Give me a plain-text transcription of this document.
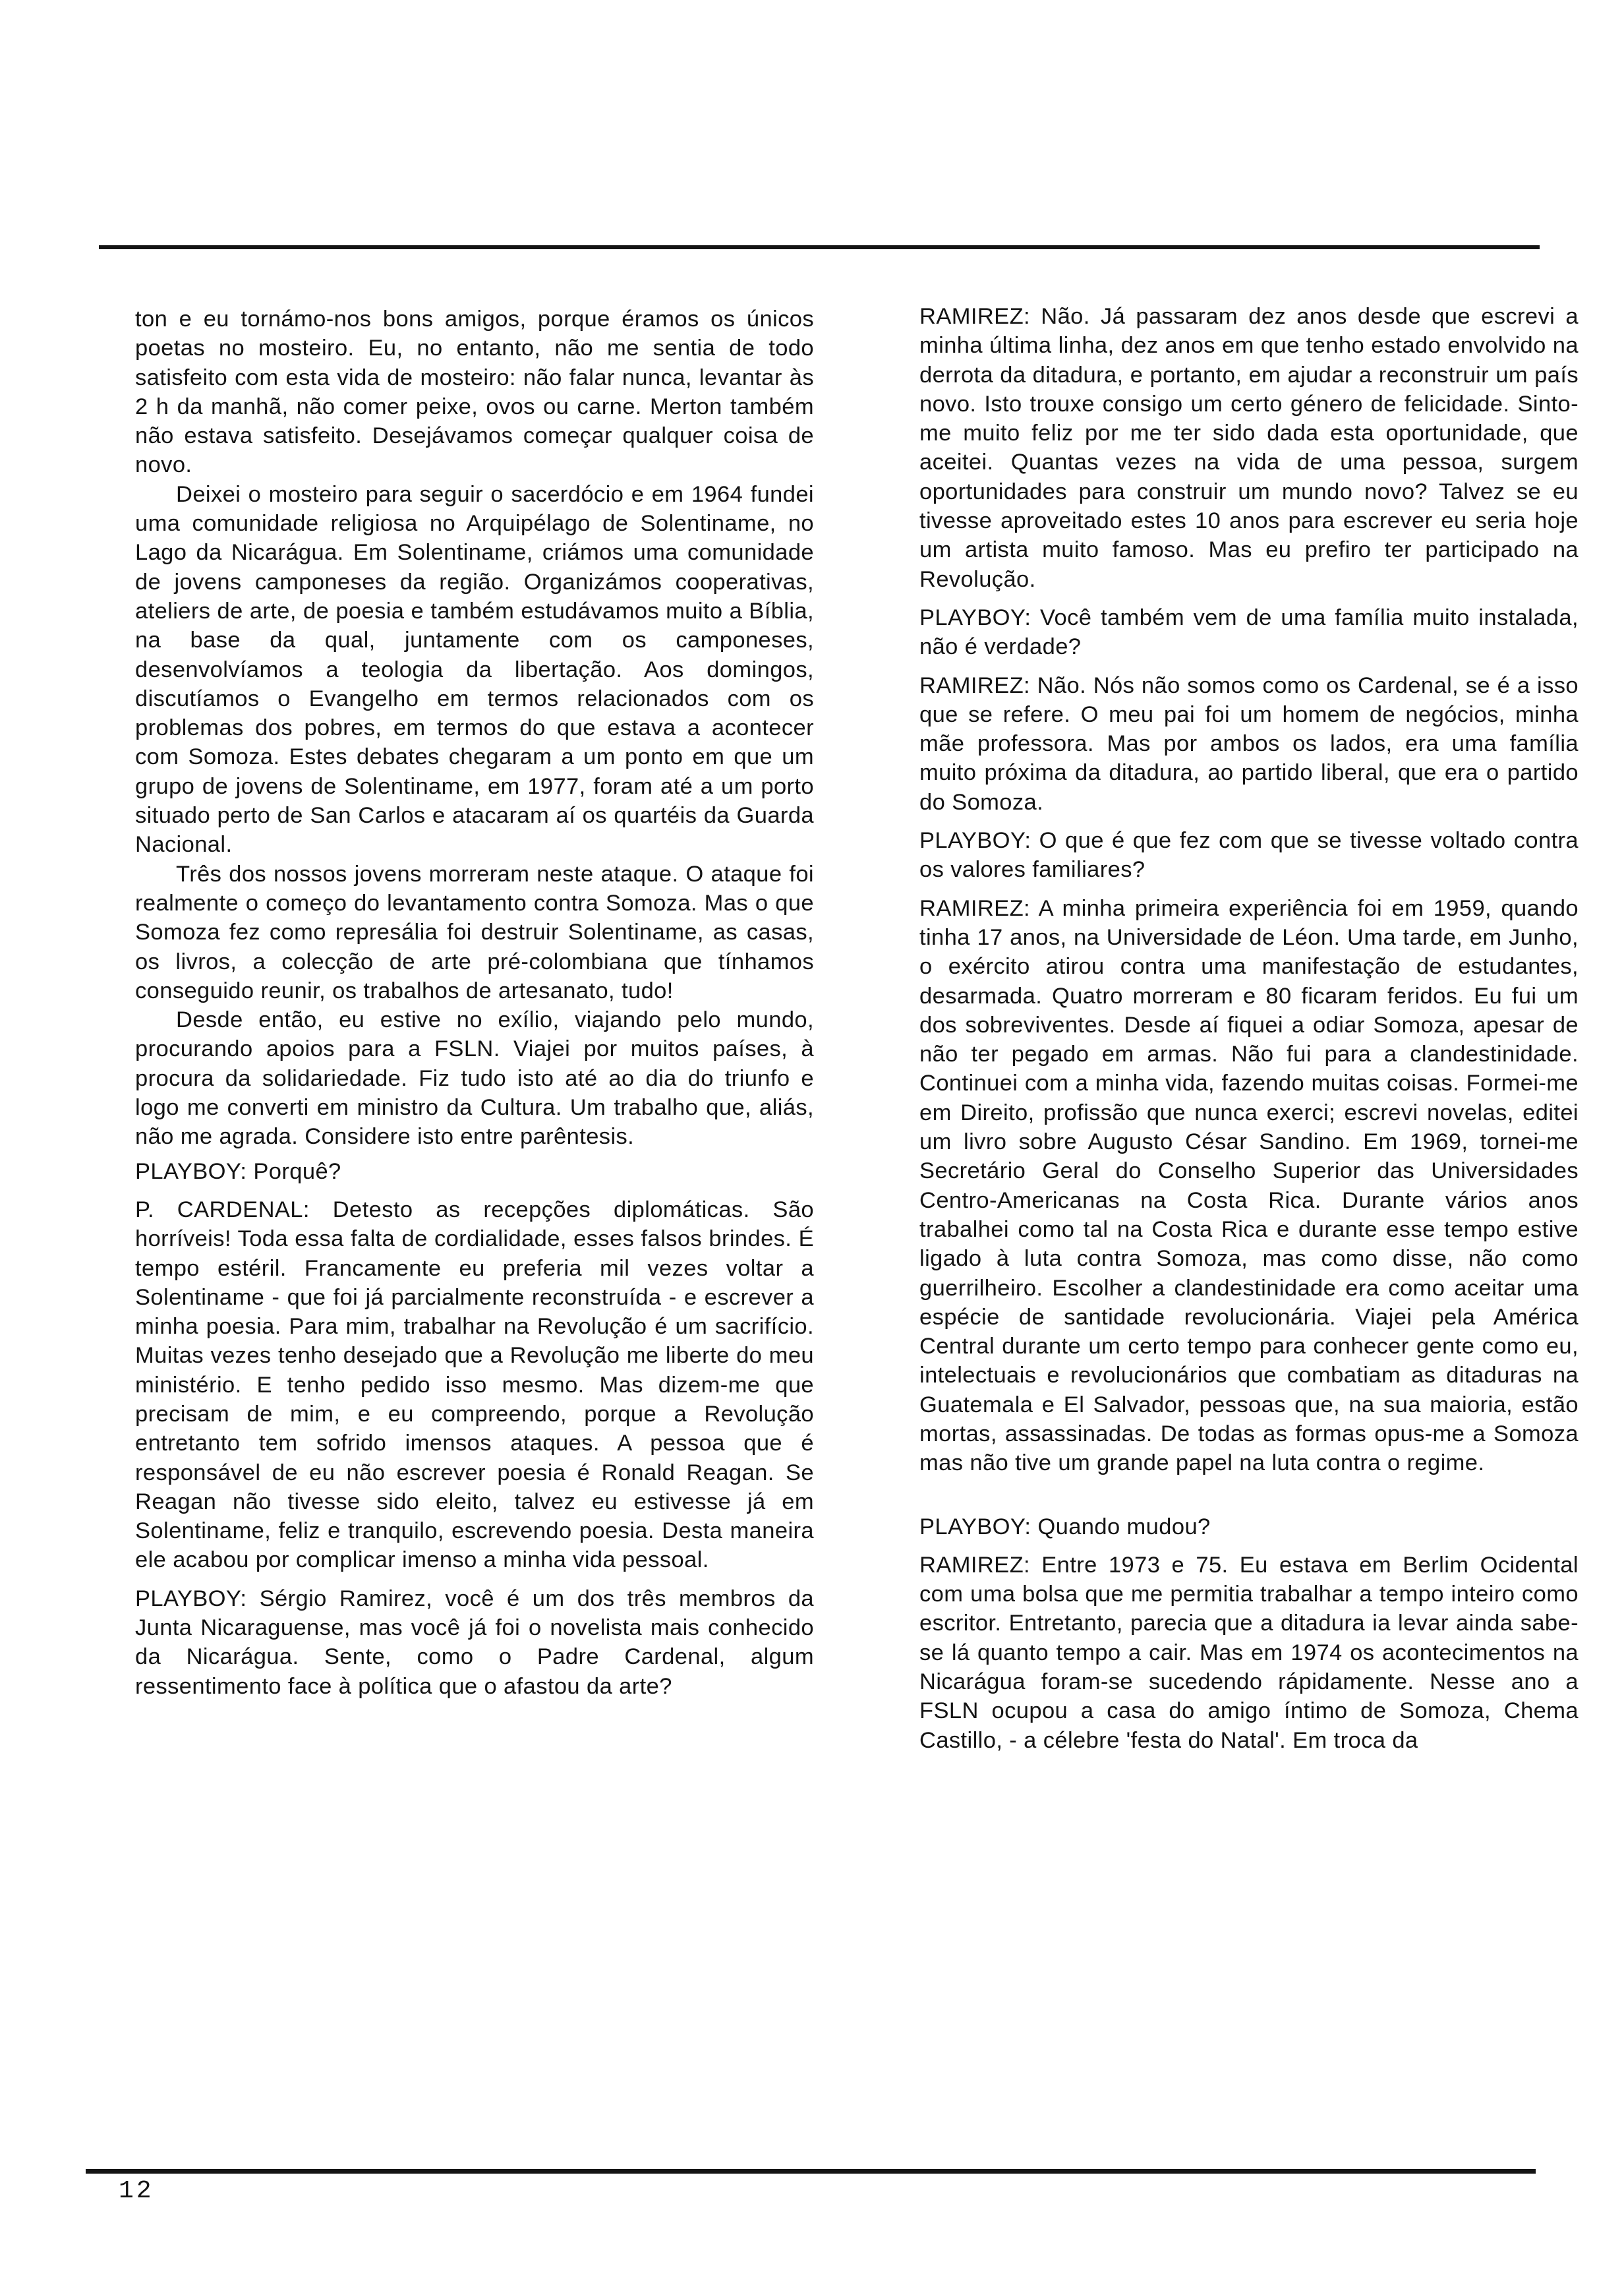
ton e eu tornámo-nos bons amigos, porque éramos os únicos poetas no mosteiro. Eu, no entanto, não me sentia de todo satisfeito com esta vida de mosteiro: não falar nunca, levantar às 2 h da manhã, não comer peixe, ovos ou carne. Merton também não estava satisfeito. Desejávamos começar qualquer coisa de novo.

Deixei o mosteiro para seguir o sacerdócio e em 1964 fundei uma comunidade religiosa no Arquipélago de Solentiname, no Lago da Nicarágua. Em Solentiname, criámos uma comunidade de jovens camponeses da região. Organizámos cooperativas, ateliers de arte, de poesia e também estudávamos muito a Bíblia, na base da qual, juntamente com os camponeses, desenvolvíamos a teologia da libertação. Aos domingos, discutíamos o Evangelho em termos relacionados com os problemas dos pobres, em termos do que estava a acontecer com Somoza. Estes debates chegaram a um ponto em que um grupo de jovens de Solentiname, em 1977, foram até a um porto situado perto de San Carlos e atacaram aí os quartéis da Guarda Nacional.

Três dos nossos jovens morreram neste ataque. O ataque foi realmente o começo do levantamento contra Somoza. Mas o que Somoza fez como represália foi destruir Solentiname, as casas, os livros, a colecção de arte pré-colombiana que tínhamos conseguido reunir, os trabalhos de artesanato, tudo!

Desde então, eu estive no exílio, viajando pelo mundo, procurando apoios para a FSLN. Viajei por muitos países, à procura da solidariedade. Fiz tudo isto até ao dia do triunfo e logo me converti em ministro da Cultura. Um trabalho que, aliás, não me agrada. Considere isto entre parêntesis.

PLAYBOY: Porquê?

P. CARDENAL: Detesto as recepções diplomáticas. São horríveis! Toda essa falta de cordialidade, esses falsos brindes. É tempo estéril. Francamente eu preferia mil vezes voltar a Solentiname - que foi já parcialmente reconstruída - e escrever a minha poesia. Para mim, trabalhar na Revolução é um sacrifício. Muitas vezes tenho desejado que a Revolução me liberte do meu ministério. E tenho pedido isso mesmo. Mas dizem-me que precisam de mim, e eu compreendo, porque a Revolução entretanto tem sofrido imensos ataques. A pessoa que é responsável de eu não escrever poesia é Ronald Reagan. Se Reagan não tivesse sido eleito, talvez eu estivesse já em Solentiname, feliz e tranquilo, escrevendo poesia. Desta maneira ele acabou por complicar imenso a minha vida pessoal.

PLAYBOY: Sérgio Ramirez, você é um dos três membros da Junta Nicaraguense, mas você já foi o novelista mais conhecido da Nicarágua. Sente, como o Padre Cardenal, algum ressentimento face à política que o afastou da arte?

RAMIREZ: Não. Já passaram dez anos desde que escrevi a minha última linha, dez anos em que tenho estado envolvido na derrota da ditadura, e portanto, em ajudar a reconstruir um país novo. Isto trouxe consigo um certo género de felicidade. Sinto-me muito feliz por me ter sido dada esta oportunidade, que aceitei. Quantas vezes na vida de uma pessoa, surgem oportunidades para construir um mundo novo? Talvez se eu tivesse aproveitado estes 10 anos para escrever eu seria hoje um artista muito famoso. Mas eu prefiro ter participado na Revolução.

PLAYBOY: Você também vem de uma família muito instalada, não é verdade?

RAMIREZ: Não. Nós não somos como os Cardenal, se é a isso que se refere. O meu pai foi um homem de negócios, minha mãe professora. Mas por ambos os lados, era uma família muito próxima da ditadura, ao partido liberal, que era o partido do Somoza.

PLAYBOY: O que é que fez com que se tivesse voltado contra os valores familiares?

RAMIREZ: A minha primeira experiência foi em 1959, quando tinha 17 anos, na Universidade de Léon. Uma tarde, em Junho, o exército atirou contra uma manifestação de estudantes, desarmada. Quatro morreram e 80 ficaram feridos. Eu fui um dos sobreviventes. Desde aí fiquei a odiar Somoza, apesar de não ter pegado em armas. Não fui para a clandestinidade. Continuei com a minha vida, fazendo muitas coisas. Formei-me em Direito, profissão que nunca exerci; escrevi novelas, editei um livro sobre Augusto César Sandino. Em 1969, tornei-me Secretário Geral do Conselho Superior das Universidades Centro-Americanas na Costa Rica. Durante vários anos trabalhei como tal na Costa Rica e durante esse tempo estive ligado à luta contra Somoza, mas como disse, não como guerrilheiro. Escolher a clandestinidade era como aceitar uma espécie de santidade revolucionária. Viajei pela América Central durante um certo tempo para conhecer gente como eu, intelectuais e revolucionários que combatiam as ditaduras na Guatemala e El Salvador, pessoas que, na sua maioria, estão mortas, assassinadas. De todas as formas opus-me a Somoza mas não tive um grande papel na luta contra o regime.

PLAYBOY: Quando mudou?

RAMIREZ: Entre 1973 e 75. Eu estava em Berlim Ocidental com uma bolsa que me permitia trabalhar a tempo inteiro como escritor. Entretanto, parecia que a ditadura ia levar ainda sabe-se lá quanto tempo a cair. Mas em 1974 os acontecimentos na Nicarágua foram-se sucedendo rápidamente. Nesse ano a FSLN ocupou a casa do amigo íntimo de Somoza, Chema Castillo, - a célebre 'festa do Natal'. Em troca da

12
